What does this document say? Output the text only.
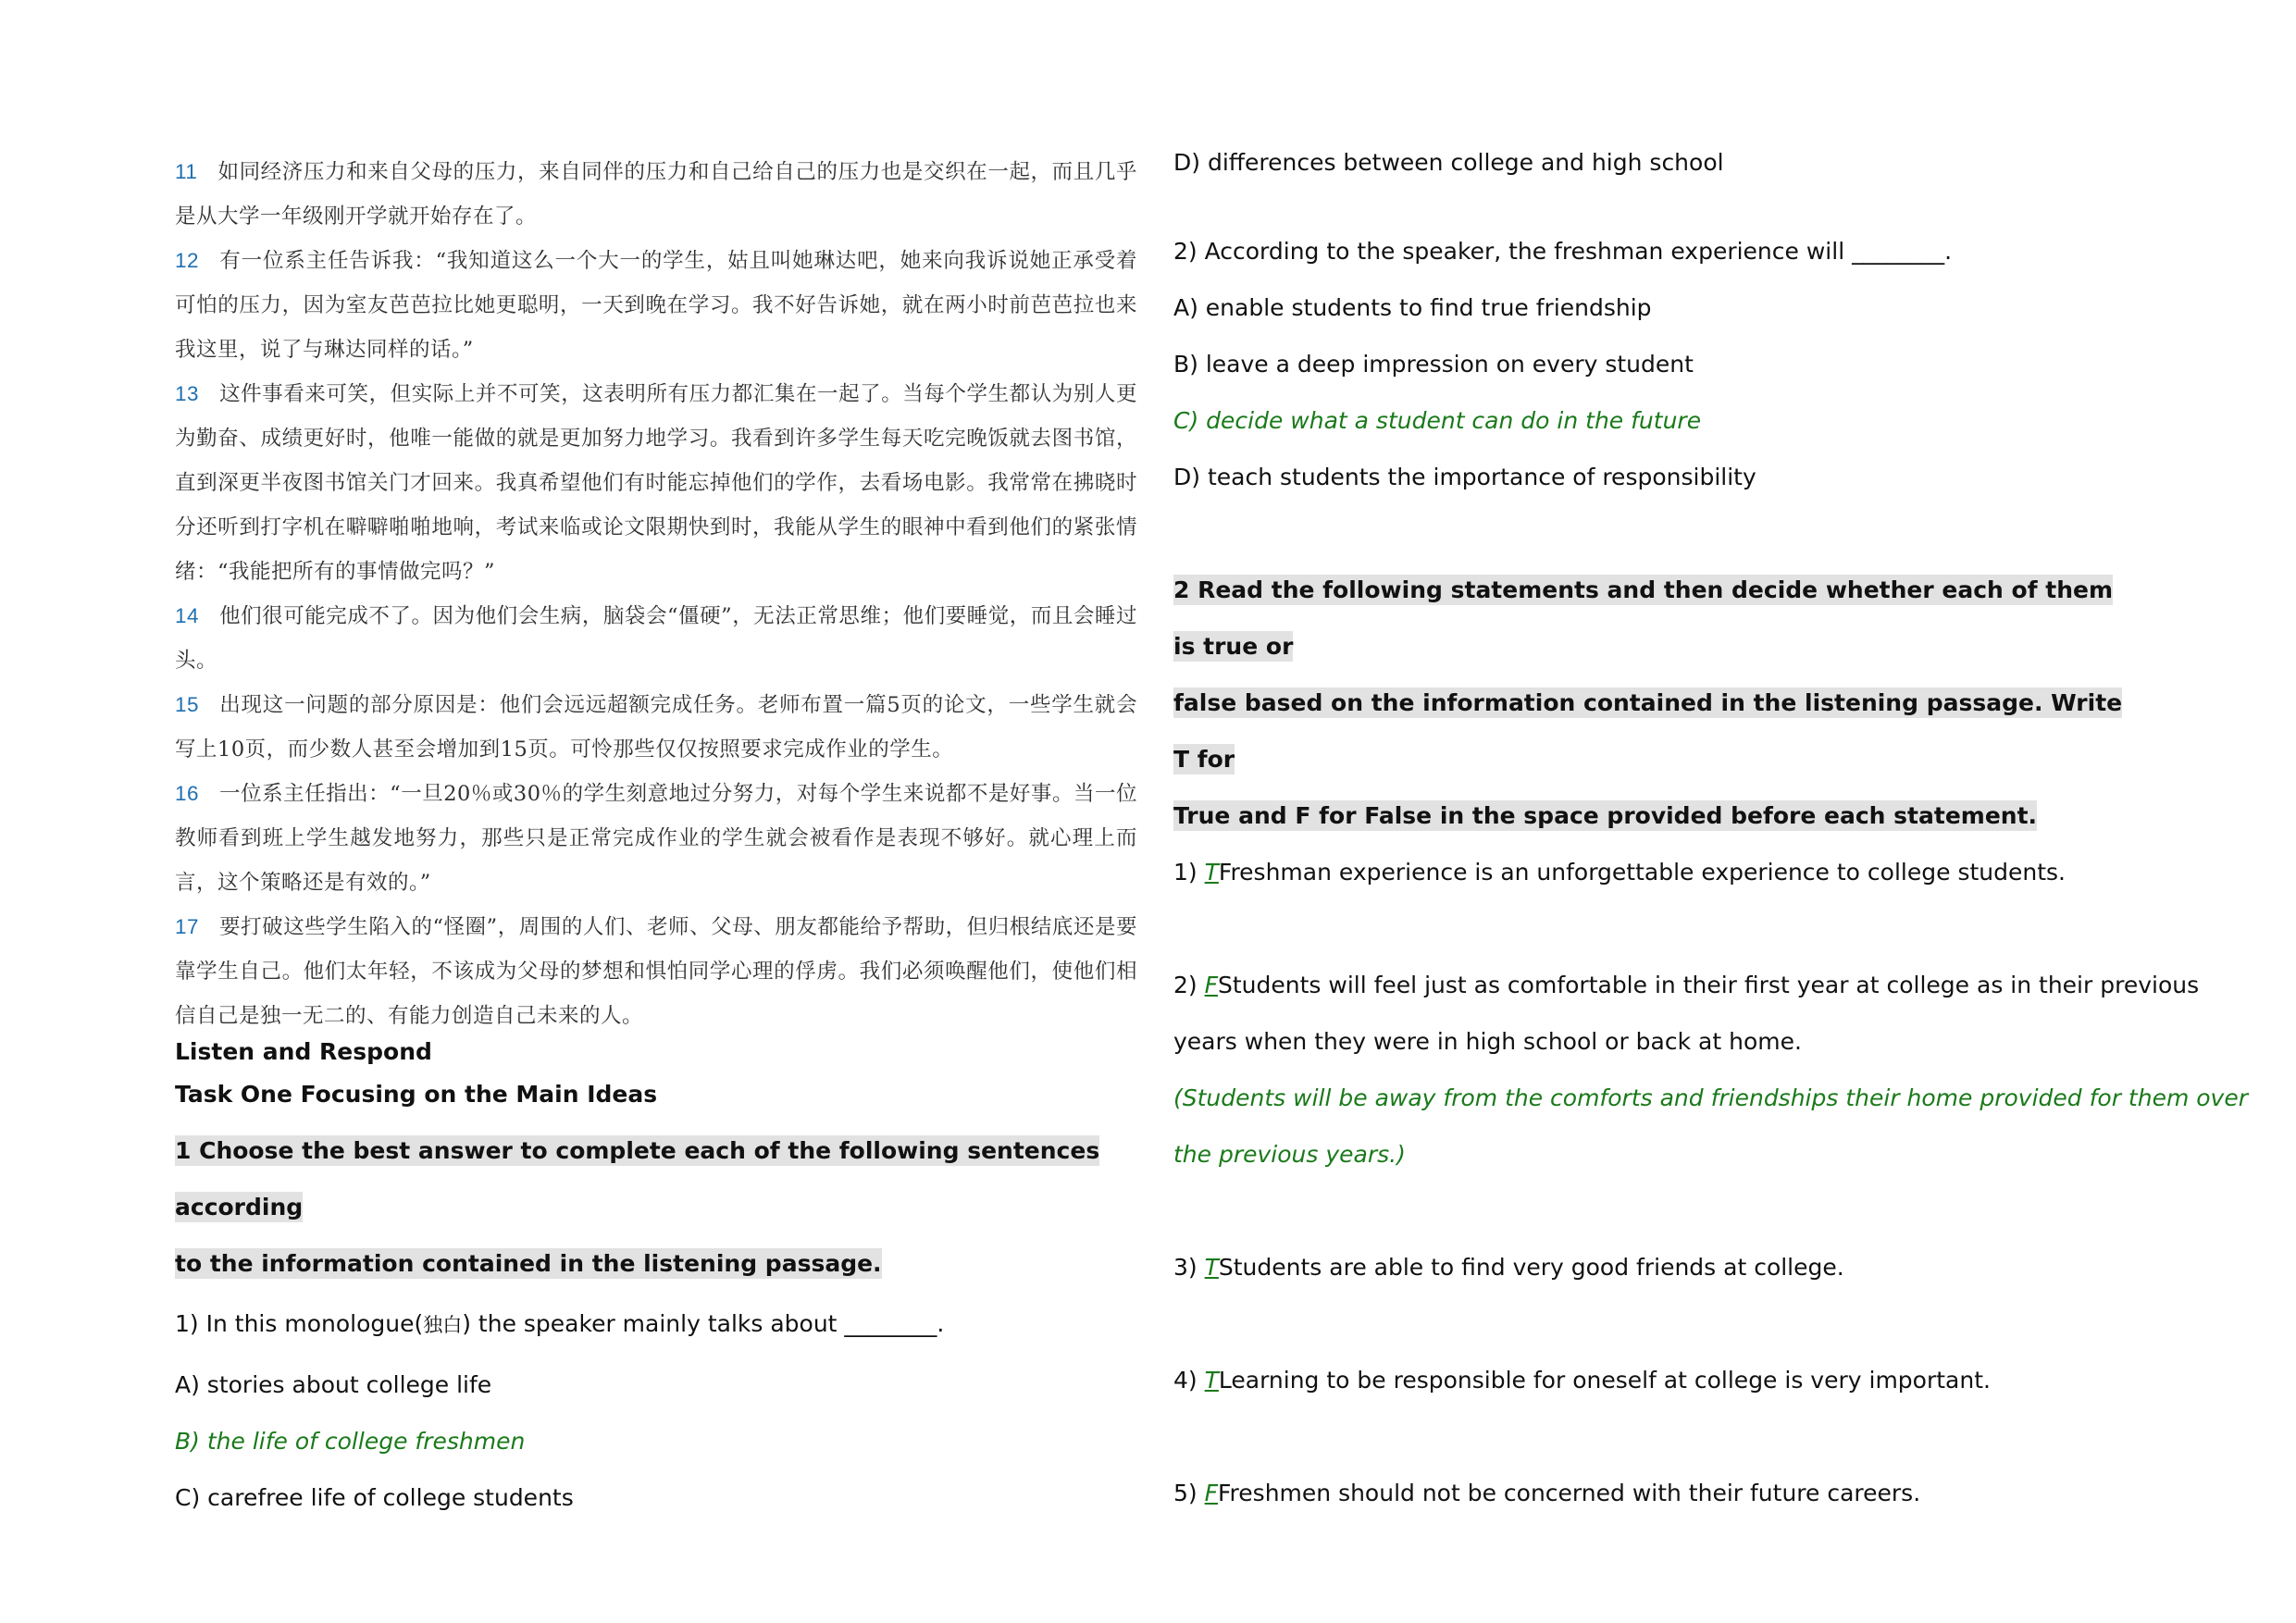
11 如同经济压力和来自父母的压力，来自同伴的压力和自己给自己的压力也是交织在一起，而且几乎是从大学一年级刚开学就开始存在了。
12 有一位系主任告诉我：“我知道这么一个大一的学生，姑且叫她琳达吧，她来向我诉说她正承受着可怕的压力，因为室友芭芭拉比她更聪明，一天到晚在学习。我不好告诉她，就在两小时前芭芭拉也来我这里，说了与琳达同样的话。”
13 这件事看来可笑，但实际上并不可笑，这表明所有压力都汇集在一起了。当每个学生都认为别人更为勤奋、成绩更好时，他唯一能做的就是更加努力地学习。我看到许多学生每天吃完晚饭就去图书馆，直到深更半夜图书馆关门才回来。我真希望他们有时能忘掉他们的学作，去看场电影。我常常在拂晓时分还听到打字机在噼噼啪啪地响，考试来临或论文限期快到时，我能从学生的眼神中看到他们的紧张情绪：“我能把所有的事情做完吗？”
14 他们很可能完成不了。因为他们会生病，脑袋会“僵硬”，无法正常思维；他们要睡觉，而且会睡过头。
15 出现这一问题的部分原因是：他们会远远超额完成任务。老师布置一篇5页的论文，一些学生就会写上10页，而少数人甚至会增加到15页。可怜那些仅仅按照要求完成作业的学生。
16 一位系主任指出：“一旦20％或30％的学生刻意地过分努力，对每个学生来说都不是好事。当一位教师看到班上学生越发地努力，那些只是正常完成作业的学生就会被看作是表现不够好。就心理上而言，这个策略还是有效的。”
17 要打破这些学生陷入的“怪圈”，周围的人们、老师、父母、朋友都能给予帮助，但归根结底还是要靠学生自己。他们太年轻，不该成为父母的梦想和惧怕同学心理的俘虏。我们必须唤醒他们，使他们相信自己是独一无二的、有能力创造自己未来的人。
Listen and Respond
Task One Focusing on the Main Ideas
1 Choose the best answer to complete each of the following sentences according
to the information contained in the listening passage.
1) In this monologue(独白) the speaker mainly talks about ________.
A) stories about college life
B) the life of college freshmen
C) carefree life of college students
D) differences between college and high school
2) According to the speaker, the freshman experience will ________.
A) enable students to find true friendship
B) leave a deep impression on every student
C) decide what a student can do in the future
D) teach students the importance of responsibility
2 Read the following statements and then decide whether each of them is true or
false based on the information contained in the listening passage. Write T for
True and F for False in the space provided before each statement.
1) TFreshman experience is an unforgettable experience to college students.
2) FStudents will feel just as comfortable in their first year at college as in their previous
years when they were in high school or back at home.
(Students will be away from the comforts and friendships their home provided for them over
the previous years.)
3) TStudents are able to find very good friends at college.
4) TLearning to be responsible for oneself at college is very important.
5) FFreshmen should not be concerned with their future careers.
